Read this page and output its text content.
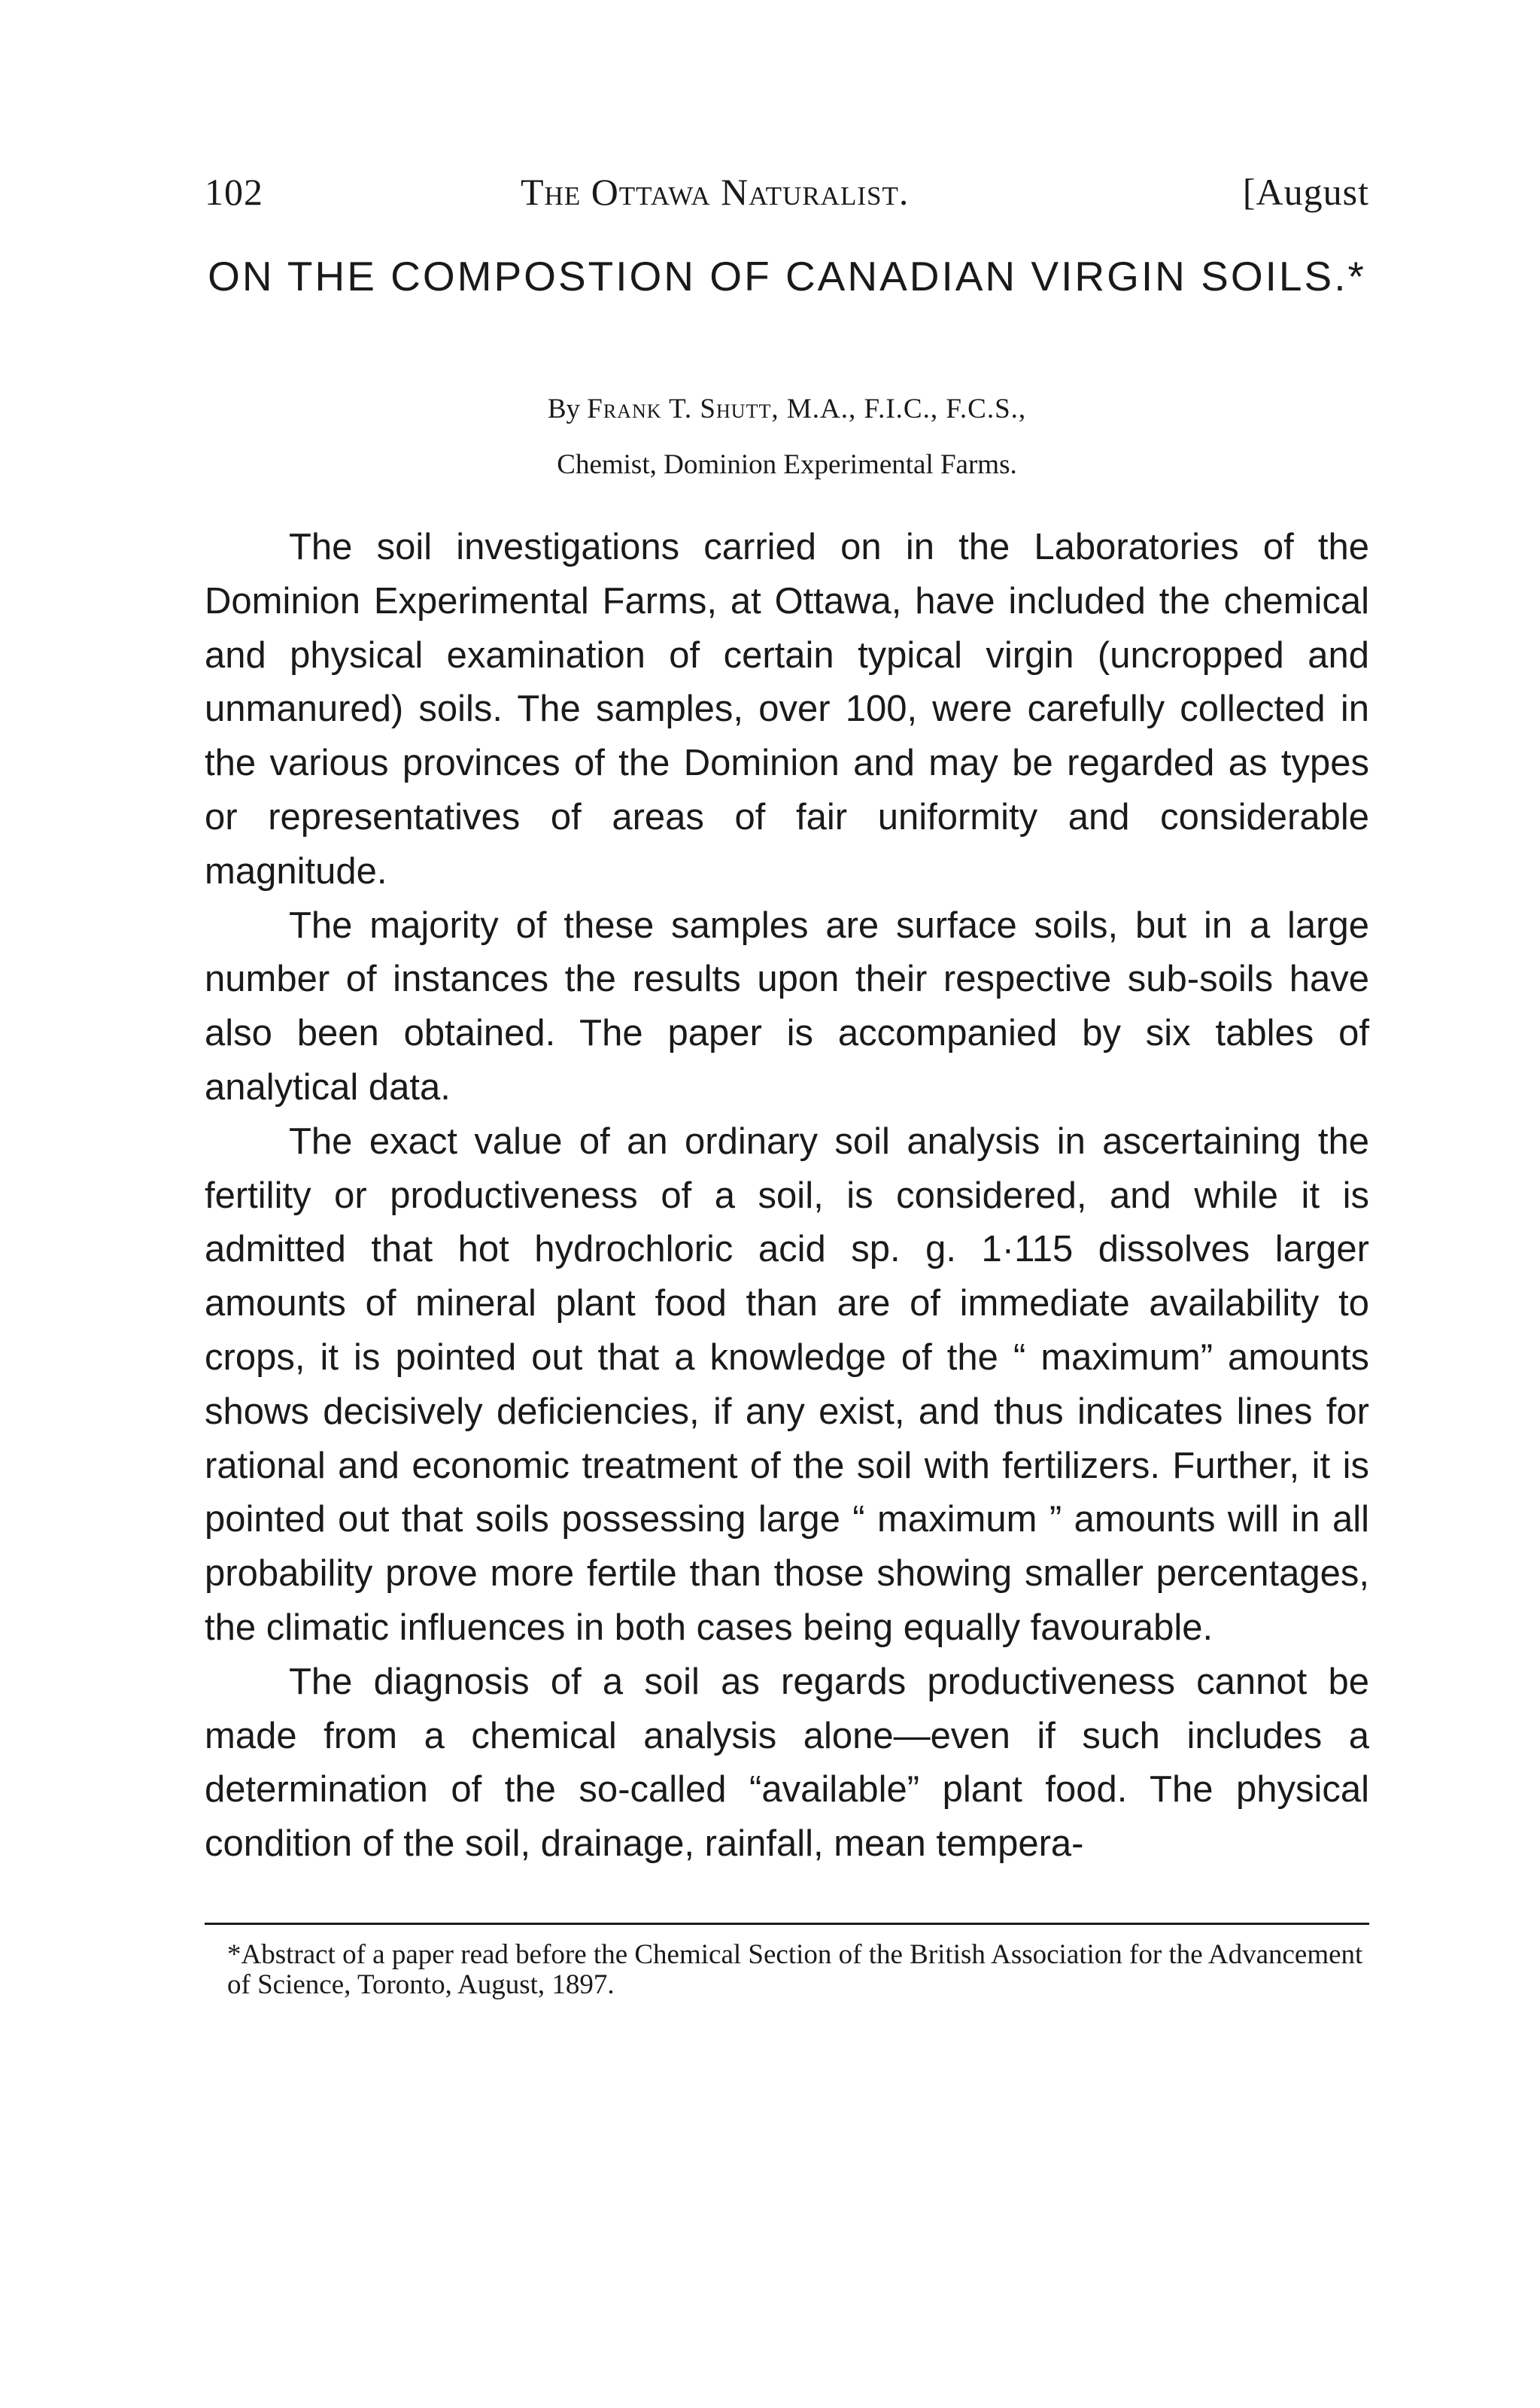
102	The Ottawa Naturalist.	[August
ON THE COMPOSTION OF CANADIAN VIRGIN SOILS.*
By Frank T. Shutt, M.A., F.I.C., F.C.S.,
Chemist, Dominion Experimental Farms.

The soil investigations carried on in the Laboratories of the Dominion Experimental Farms, at Ottawa, have included the chemical and physical examination of certain typical virgin (uncropped and unmanured) soils. The samples, over 100, were carefully collected in the various provinces of the Dominion and may be regarded as types or representatives of areas of fair uniformity and considerable magnitude.

The majority of these samples are surface soils, but in a large number of instances the results upon their respective sub-soils have also been obtained. The paper is accompanied by six tables of analytical data.

The exact value of an ordinary soil analysis in ascertaining the fertility or productiveness of a soil, is considered, and while it is admitted that hot hydrochloric acid sp. g. 1·115 dissolves larger amounts of mineral plant food than are of immediate availability to crops, it is pointed out that a knowledge of the “ maximum” amounts shows decisively deficiencies, if any exist, and thus indicates lines for rational and economic treatment of the soil with fertilizers. Further, it is pointed out that soils possessing large “ maximum ” amounts will in all probability prove more fertile than those showing smaller percentages, the climatic influences in both cases being equally favourable.

The diagnosis of a soil as regards productiveness cannot be made from a chemical analysis alone—even if such includes a determination of the so-called “available” plant food. The physical condition of the soil, drainage, rainfall, mean tempera-

*Abstract of a paper read before the Chemical Section of the British Association for the Advancement of Science, Toronto, August, 1897.
